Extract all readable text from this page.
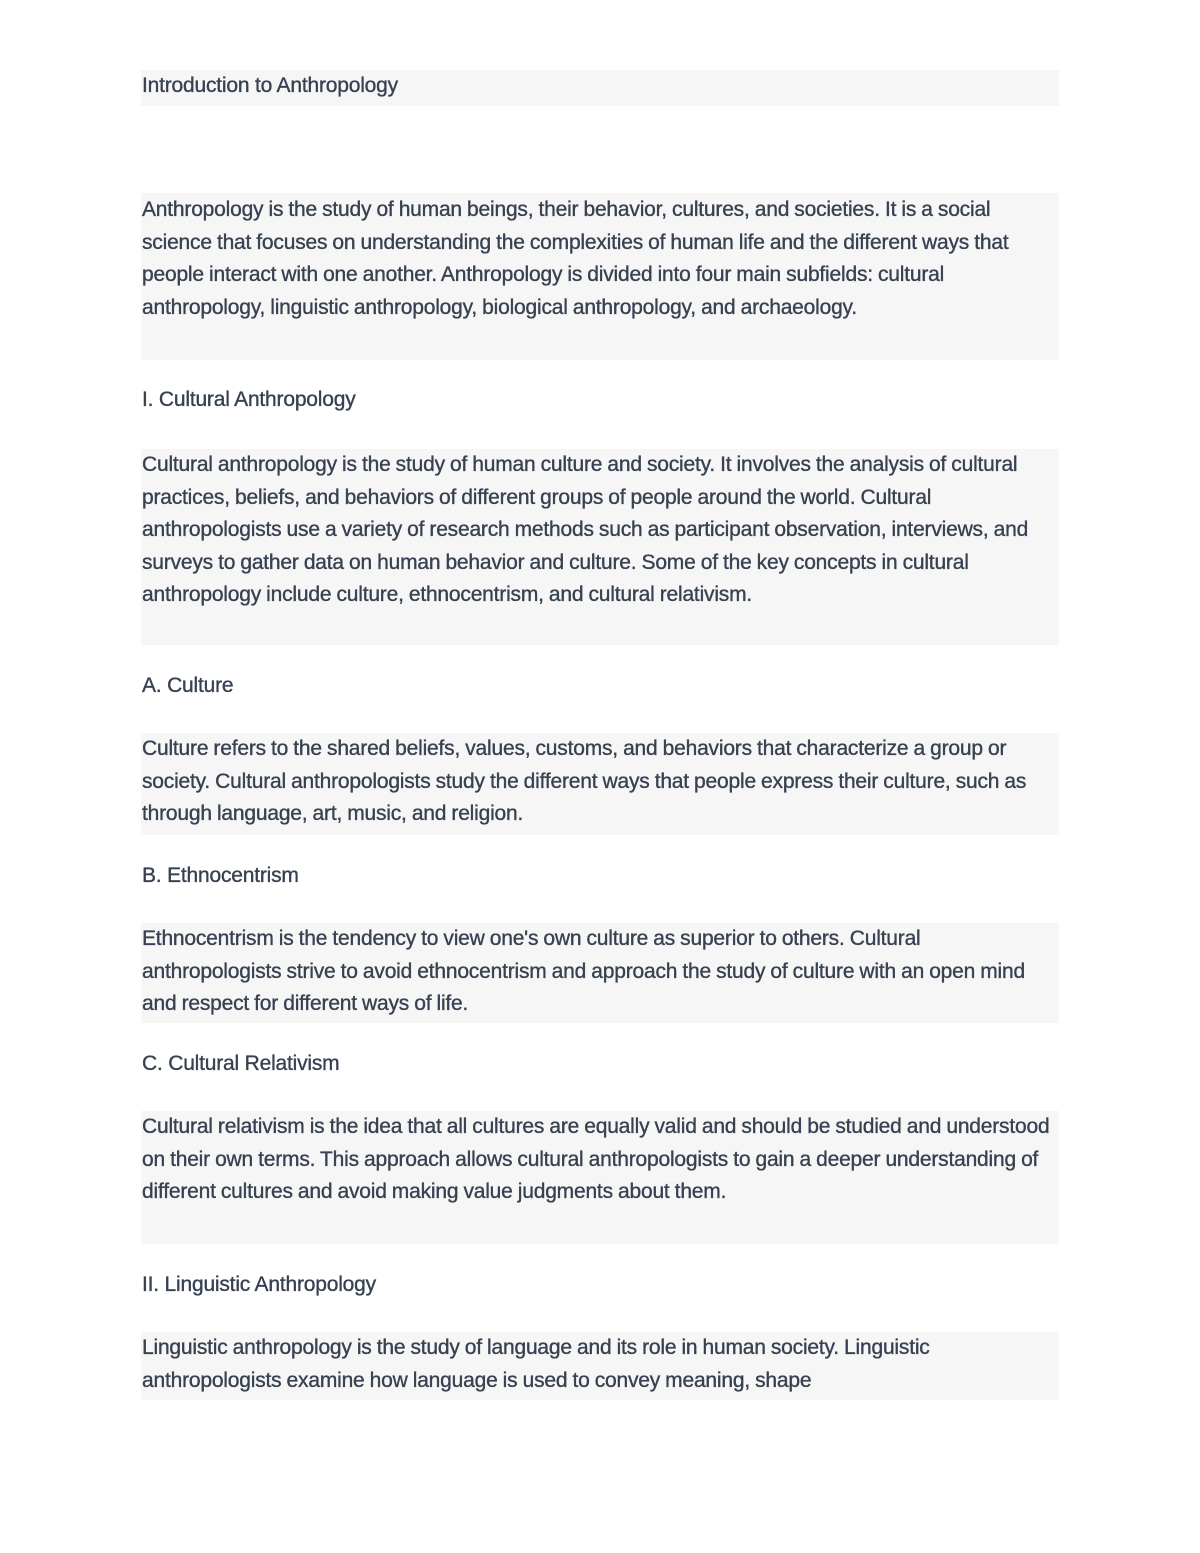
Introduction to Anthropology
Anthropology is the study of human beings, their behavior, cultures, and societies. It is a social science that focuses on understanding the complexities of human life and the different ways that people interact with one another. Anthropology is divided into four main subfields: cultural anthropology, linguistic anthropology, biological anthropology, and archaeology.
I. Cultural Anthropology
Cultural anthropology is the study of human culture and society. It involves the analysis of cultural practices, beliefs, and behaviors of different groups of people around the world. Cultural anthropologists use a variety of research methods such as participant observation, interviews, and surveys to gather data on human behavior and culture. Some of the key concepts in cultural anthropology include culture, ethnocentrism, and cultural relativism.
A. Culture
Culture refers to the shared beliefs, values, customs, and behaviors that characterize a group or society. Cultural anthropologists study the different ways that people express their culture, such as through language, art, music, and religion.
B. Ethnocentrism
Ethnocentrism is the tendency to view one's own culture as superior to others. Cultural anthropologists strive to avoid ethnocentrism and approach the study of culture with an open mind and respect for different ways of life.
C. Cultural Relativism
Cultural relativism is the idea that all cultures are equally valid and should be studied and understood on their own terms. This approach allows cultural anthropologists to gain a deeper understanding of different cultures and avoid making value judgments about them.
II. Linguistic Anthropology
Linguistic anthropology is the study of language and its role in human society. Linguistic anthropologists examine how language is used to convey meaning, shape
